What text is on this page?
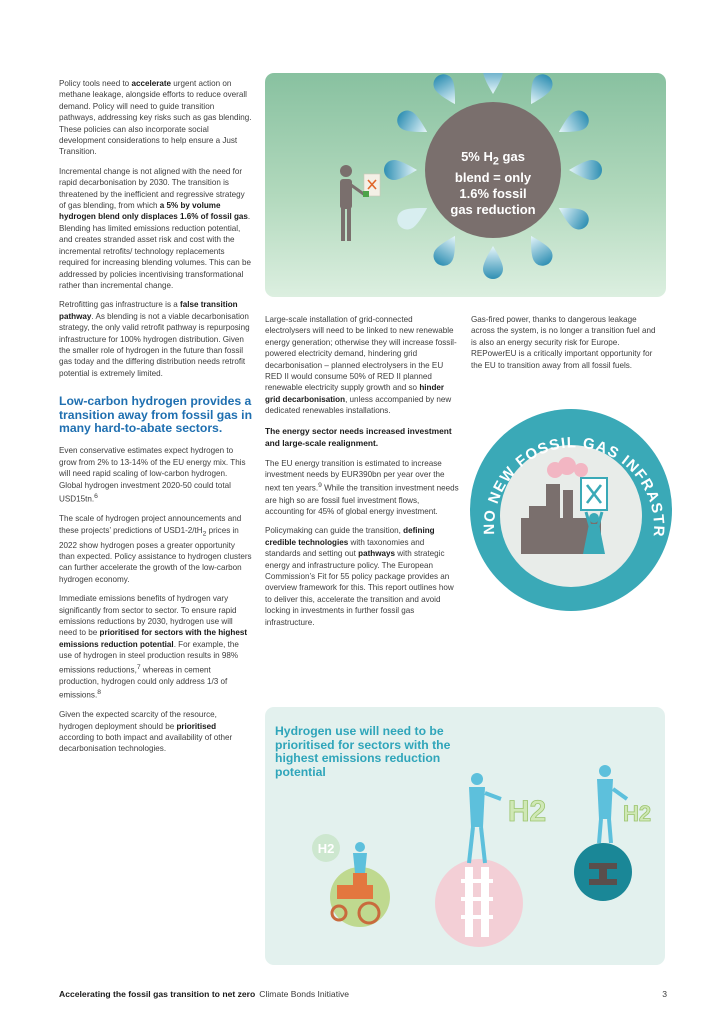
Policy tools need to accelerate urgent action on methane leakage, alongside efforts to reduce overall demand. Policy will need to guide transition pathways, addressing key risks such as gas blending. These policies can also incorporate social development considerations to help ensure a Just Transition.

Incremental change is not aligned with the need for rapid decarbonisation by 2030. The transition is threatened by the inefficient and regressive strategy of gas blending, from which a 5% by volume hydrogen blend only displaces 1.6% of fossil gas. Blending has limited emissions reduction potential, and creates stranded asset risk and cost with the incremental retrofits/ technology replacements required for increasing blending volumes. This can be addressed by policies incentivising transformational rather than incremental change.

Retrofitting gas infrastructure is a false transition pathway. As blending is not a viable decarbonisation strategy, the only valid retrofit pathway is repurposing infrastructure for 100% hydrogen distribution. Given the smaller role of hydrogen in the future than fossil gas today and the differing distribution needs retrofit potential is extremely limited.

Low-carbon hydrogen provides a transition away from fossil gas in many hard-to-abate sectors.

Even conservative estimates expect hydrogen to grow from 2% to 13-14% of the EU energy mix. This will need rapid scaling of low-carbon hydrogen. Global hydrogen investment 2020-50 could total USD15tn.$^6$

The scale of hydrogen project announcements and these projects’ predictions of $USD1-2/tH_2$ prices in 2022 show hydrogen poses a greater opportunity than expected. Policy assistance to hydrogen clusters can further accelerate the growth of the low-carbon hydrogen economy.

Immediate emissions benefits of hydrogen vary significantly from sector to sector. To ensure rapid emissions reductions by 2030, hydrogen use will need to be prioritised for sectors with the highest emissions reduction potential. For example, the use of hydrogen in steel production results in 98% emissions reductions,$^7$ whereas in cement production, hydrogen could only address 1/3 of emissions.$^8$

Given the expected scarcity of the resource, hydrogen deployment should be prioritised according to both impact and availability of other decarbonisation technologies.

5% $H_2$ gas
blend = only
1.6% fossil
gas reduction

Large-scale installation of grid-connected electrolysers will need to be linked to new renewable energy generation; otherwise they will increase fossil-powered electricity demand, hindering grid decarbonisation – planned electrolysers in the EU RED II would consume 50% of RED II planned renewable electricity supply growth and so hinder grid decarbonisation, unless accompanied by new dedicated renewables installations.

The energy sector needs increased investment and large-scale realignment.

The EU energy transition is estimated to increase investment needs by EUR390bn per year over the next ten years.$^9$ While the transition investment needs are high so are fossil fuel investment flows, accounting for 45% of global energy investment.

Policymaking can guide the transition, defining credible technologies with taxonomies and standards and setting out pathways with strategic energy and infrastructure policy. The European Commission’s Fit for 55 policy package provides an overview framework for this. This report outlines how to deliver this, accelerate the transition and avoid locking in investments in further fossil gas infrastructure.

Gas-fired power, thanks to dangerous leakage across the system, is no longer a transition fuel and is also an energy security risk for Europe. REPowerEU is a critically important opportunity for the EU to transition away from all fossil fuels.

NO NEW FOSSIL GAS INFRASTR
H2
H2	H2
Hydrogen use will need to be prioritised for sectors with the highest emissions reduction potential
Accelerating the fossil gas transition to net zero Climate Bonds Initiative	3
